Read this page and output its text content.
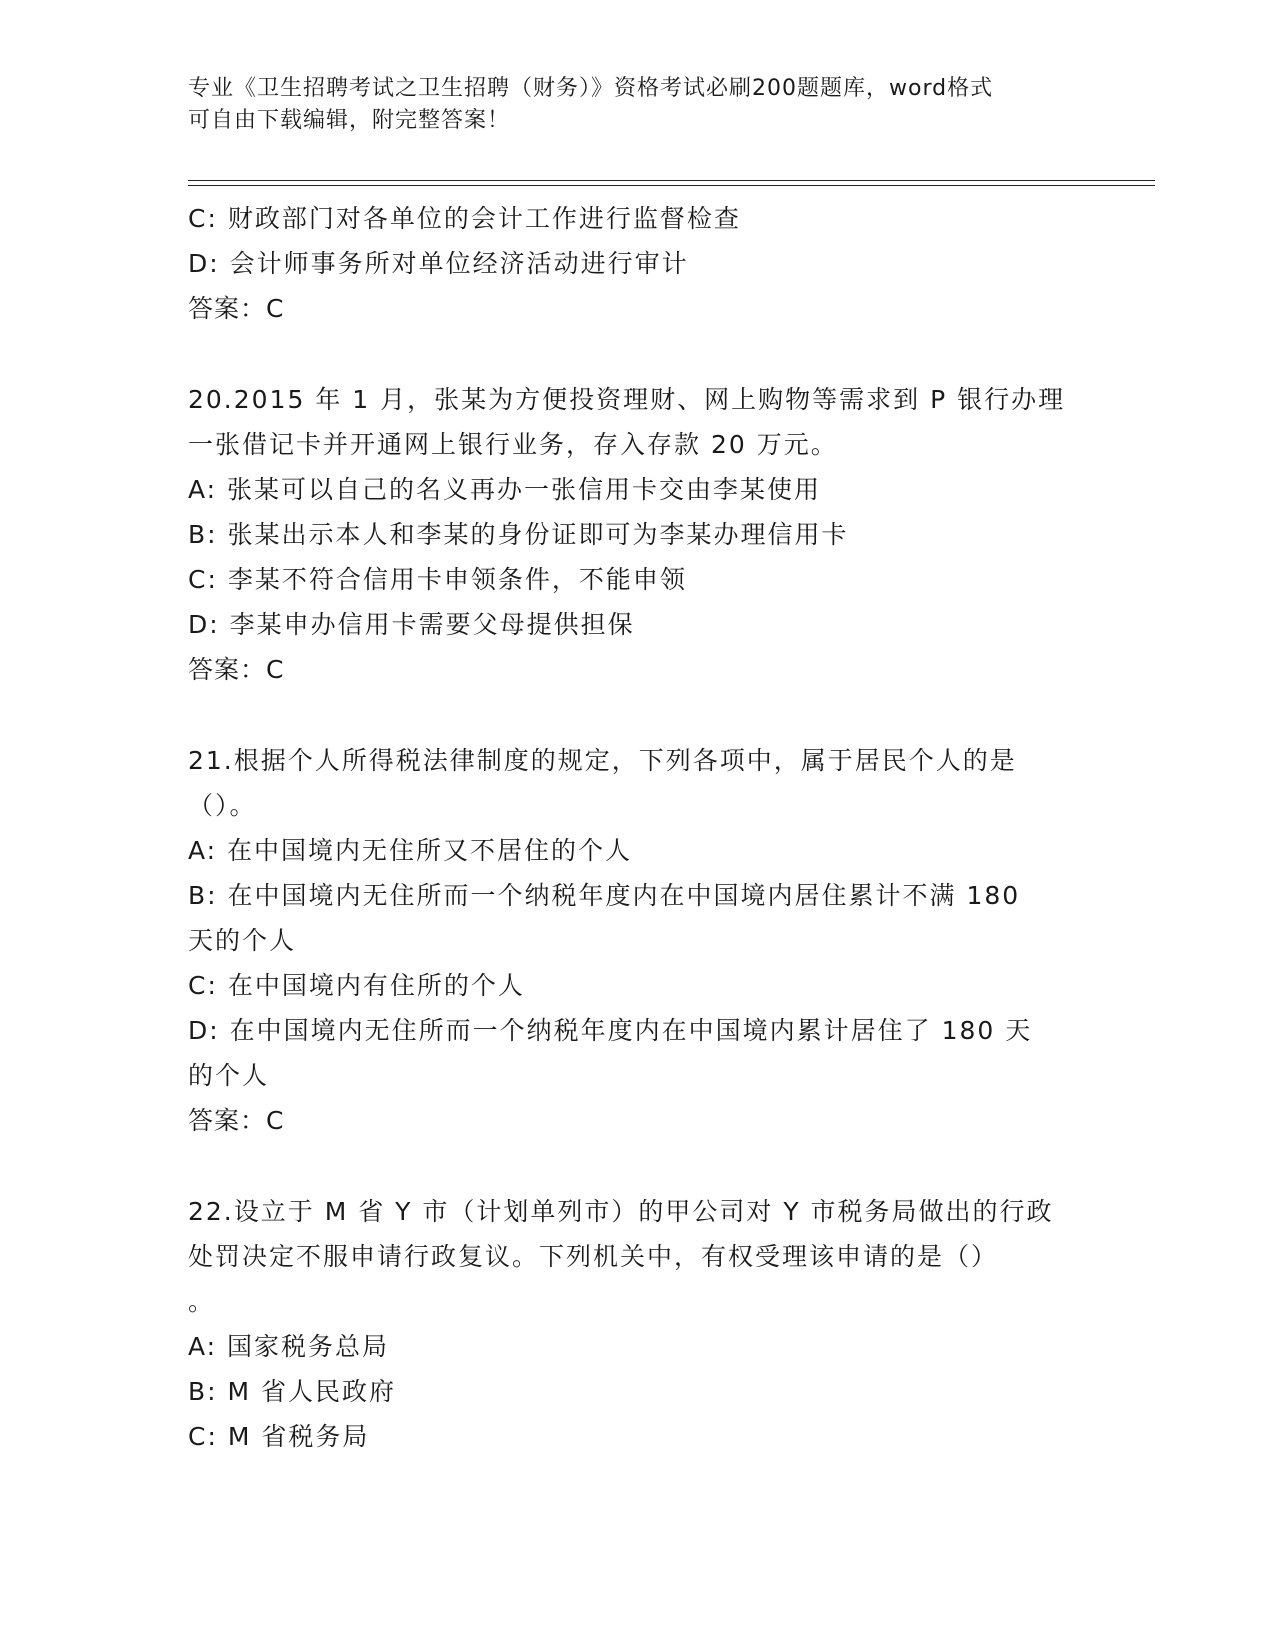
专业《卫生招聘考试之卫生招聘（财务）》资格考试必刷200题题库，word格式
可自由下载编辑，附完整答案！
C: 财政部门对各单位的会计工作进行监督检查
D: 会计师事务所对单位经济活动进行审计
答案：C
20.2015 年 1 月，张某为方便投资理财、网上购物等需求到 P 银行办理
一张借记卡并开通网上银行业务，存入存款 20 万元。
A: 张某可以自己的名义再办一张信用卡交由李某使用
B: 张某出示本人和李某的身份证即可为李某办理信用卡
C: 李某不符合信用卡申领条件，不能申领
D: 李某申办信用卡需要父母提供担保
答案：C
21.根据个人所得税法律制度的规定，下列各项中，属于居民个人的是
（）。
A: 在中国境内无住所又不居住的个人
B: 在中国境内无住所而一个纳税年度内在中国境内居住累计不满 180
天的个人
C: 在中国境内有住所的个人
D: 在中国境内无住所而一个纳税年度内在中国境内累计居住了 180 天
的个人
答案：C
22.设立于 M 省 Y 市（计划单列市）的甲公司对 Y 市税务局做出的行政
处罚决定不服申请行政复议。下列机关中，有权受理该申请的是（）
。
A: 国家税务总局
B: M 省人民政府
C: M 省税务局
